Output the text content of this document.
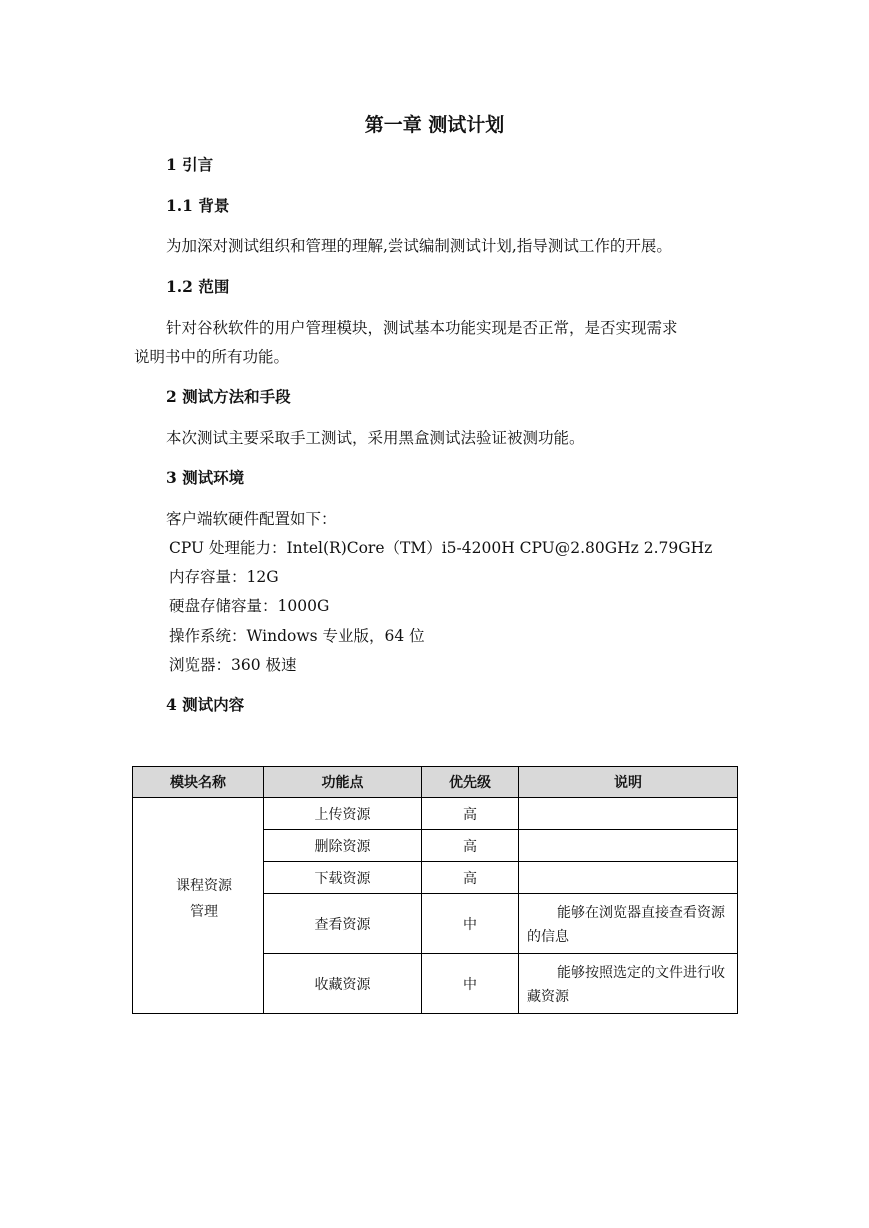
第一章 测试计划
1 引言
1.1 背景
为加深对测试组织和管理的理解,尝试编制测试计划,指导测试工作的开展。
1.2 范围
针对谷秋软件的用户管理模块，测试基本功能实现是否正常，是否实现需求
说明书中的所有功能。
2 测试方法和手段
本次测试主要采取手工测试，采用黑盒测试法验证被测功能。
3 测试环境
客户端软硬件配置如下：
CPU 处理能力：Intel(R)Core（TM）i5-4200H CPU@2.80GHz 2.79GHz
内存容量：12G
硬盘存储容量：1000G
操作系统：Windows 专业版，64 位
浏览器：360 极速
4 测试内容
模块名称	功能点	优先级	说明
课程资源管理	上传资源	高	
	删除资源	高	
	下载资源	高	
	查看资源	中	能够在浏览器直接查看资源的信息
	收藏资源	中	能够按照选定的文件进行收藏资源
